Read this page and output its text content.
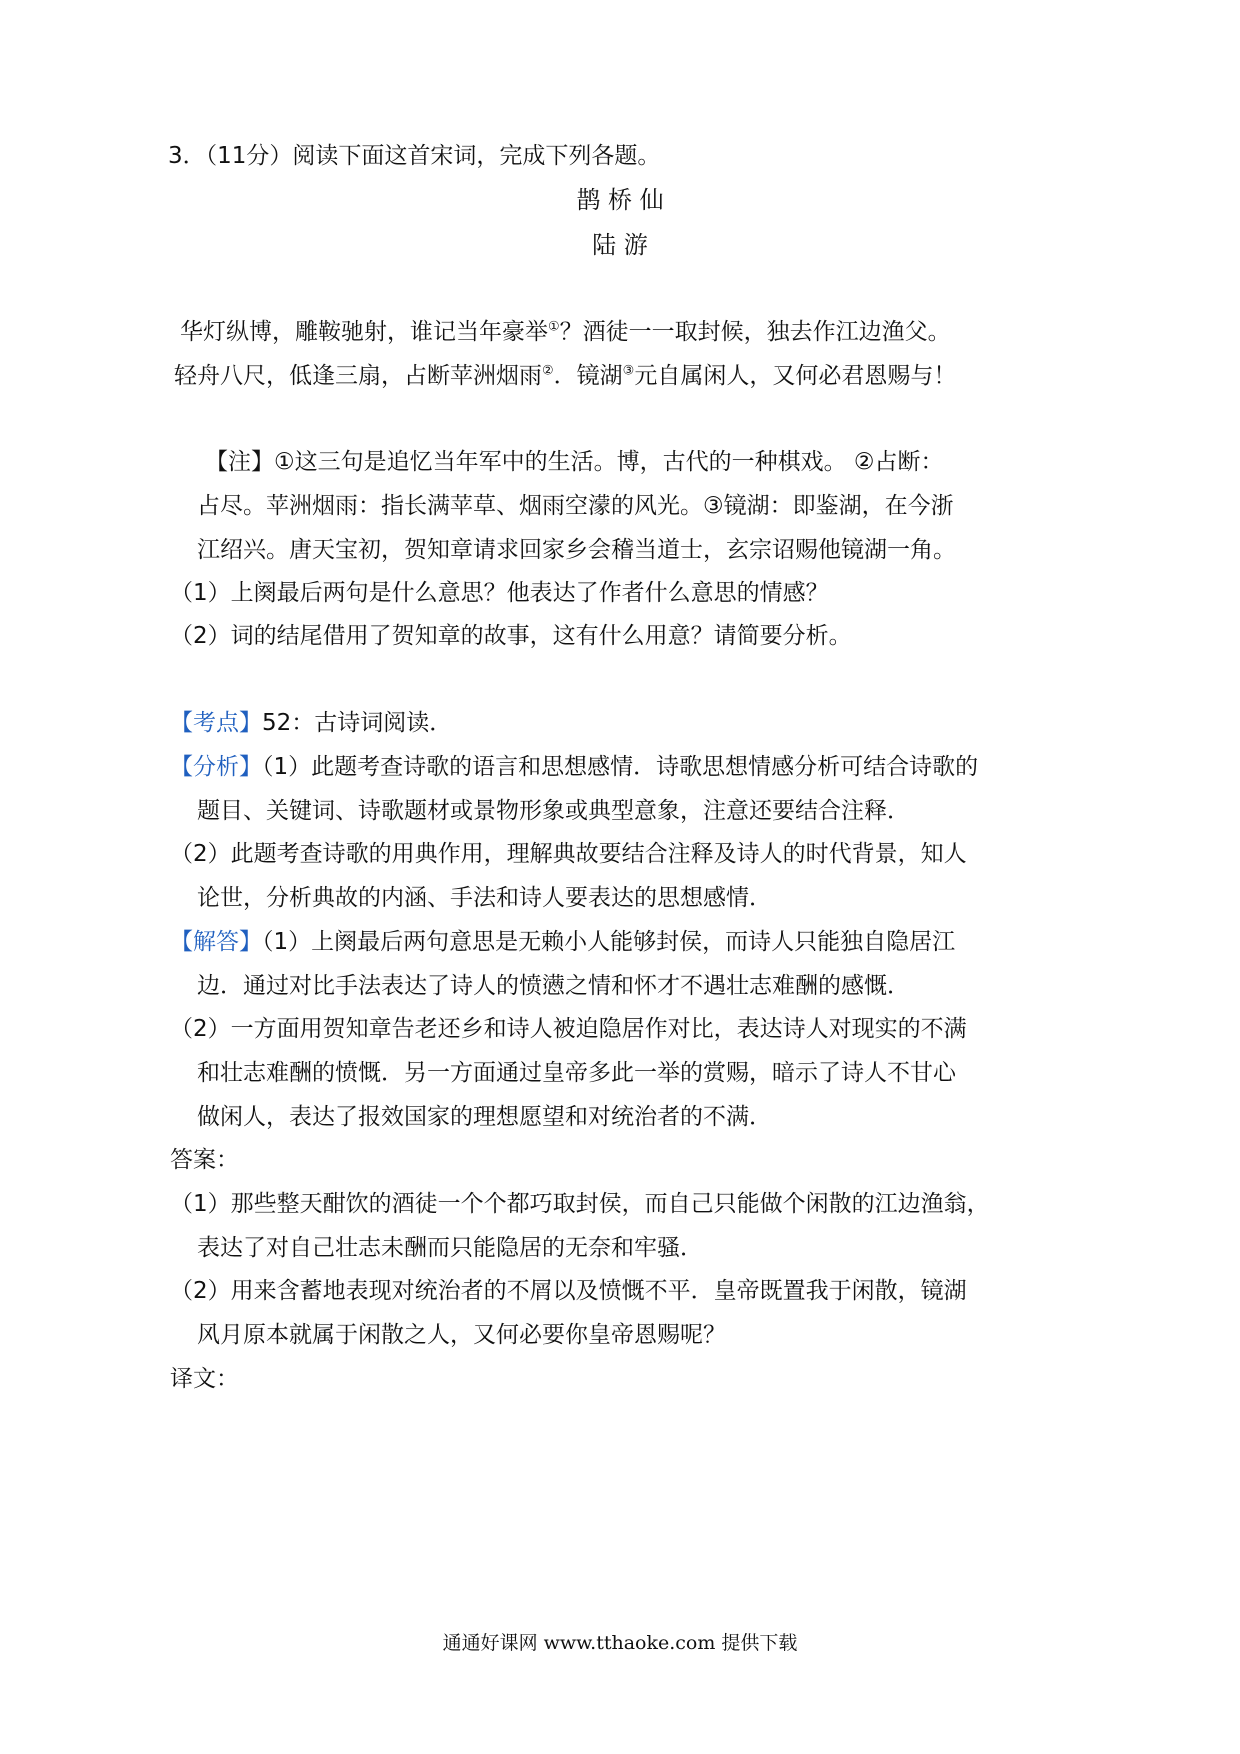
3．（11分）阅读下面这首宋词，完成下列各题。
鹊 桥 仙
陆 游
华灯纵博，雕鞍驰射，谁记当年豪举①？酒徒一一取封候，独去作江边渔父。
轻舟八尺，低逢三扇，占断苹洲烟雨②．镜湖③元自属闲人，又何必君恩赐与！
【注】①这三句是追忆当年军中的生活。博，古代的一种棋戏。 ②占断：
占尽。苹洲烟雨：指长满苹草、烟雨空濛的风光。③镜湖：即鉴湖，在今浙
江绍兴。唐天宝初，贺知章请求回家乡会稽当道士，玄宗诏赐他镜湖一角。
（1）上阕最后两句是什么意思？他表达了作者什么意思的情感？
（2）词的结尾借用了贺知章的故事，这有什么用意？请简要分析。
【考点】52：古诗词阅读．
【分析】（1）此题考查诗歌的语言和思想感情．诗歌思想情感分析可结合诗歌的
题目、关键词、诗歌题材或景物形象或典型意象，注意还要结合注释．
（2）此题考查诗歌的用典作用，理解典故要结合注释及诗人的时代背景，知人
论世，分析典故的内涵、手法和诗人要表达的思想感情．
【解答】（1）上阕最后两句意思是无赖小人能够封侯，而诗人只能独自隐居江
边．通过对比手法表达了诗人的愤懑之情和怀才不遇壮志难酬的感慨．
（2）一方面用贺知章告老还乡和诗人被迫隐居作对比，表达诗人对现实的不满
和壮志难酬的愤慨．另一方面通过皇帝多此一举的赏赐，暗示了诗人不甘心
做闲人，表达了报效国家的理想愿望和对统治者的不满．
答案：
（1）那些整天酣饮的酒徒一个个都巧取封侯，而自己只能做个闲散的江边渔翁，
表达了对自己壮志未酬而只能隐居的无奈和牢骚．
（2）用来含蓄地表现对统治者的不屑以及愤慨不平．皇帝既置我于闲散，镜湖
风月原本就属于闲散之人，又何必要你皇帝恩赐呢？
译文：
通通好课网 www.tthaoke.com 提供下载
